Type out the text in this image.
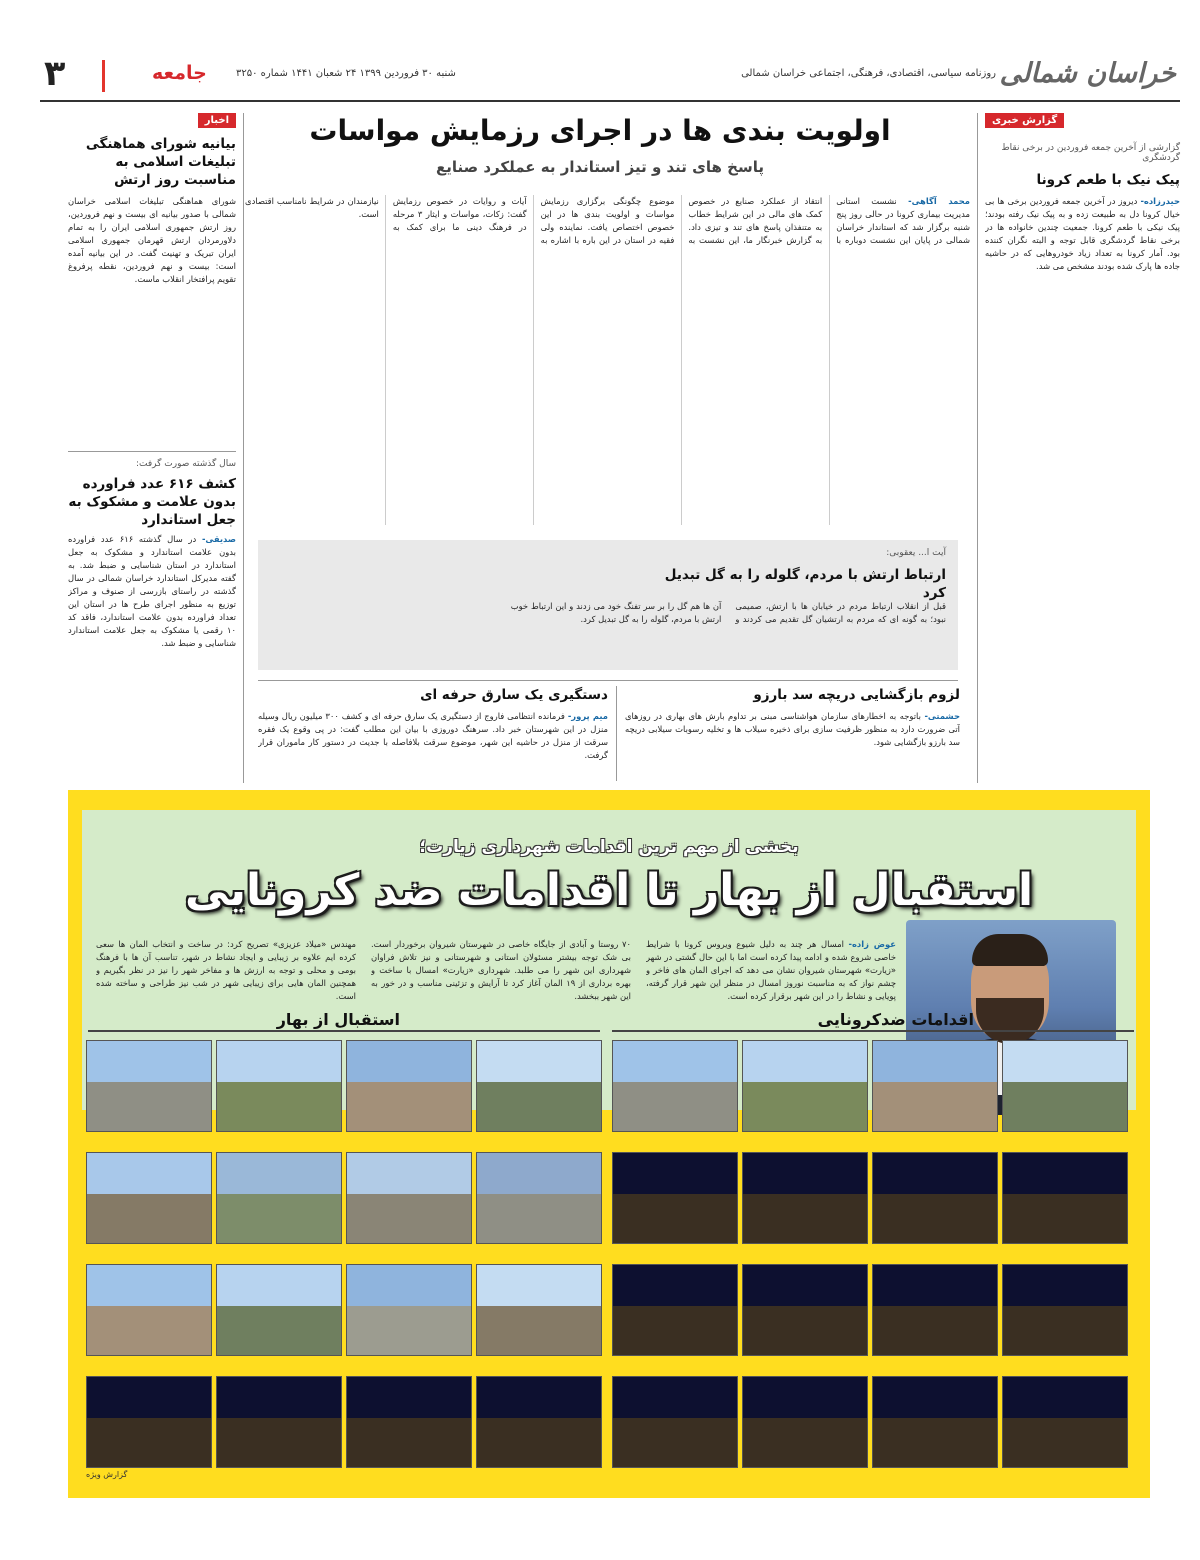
خراسان شمالی
روزنامه سیاسی، اقتصادی، فرهنگی، اجتماعی خراسان شمالی
شنبه ۳۰ فروردین ۱۳۹۹ ۲۴ شعبان ۱۴۴۱ شماره ۳۲۵۰
جامعه
۳
گزارش خبری
گزارشی از آخرین جمعه فروردین در برخی نقاط گردشگری
پیک نیک با طعم کرونا
حیدرزاده- دیروز در آخرین جمعه فروردین برخی ها بی خیال کرونا دل به طبیعت زده و به پیک نیک رفته بودند؛ پیک نیکی با طعم کرونا. جمعیت چندین خانواده ها در برخی نقاط گردشگری قابل توجه و البته نگران کننده بود. آمار کرونا به تعداد زیاد خودروهایی که در حاشیه جاده ها پارک شده بودند مشخص می شد.
اولویت بندی ها در اجرای رزمایش مواسات
پاسخ های تند و تیز استاندار به عملکرد صنایع
محمد آگاهی- نشست استانی مدیریت بیماری کرونا در حالی روز پنج شنبه برگزار شد که استاندار خراسان شمالی در پایان این نشست دوباره با انتقاد از عملکرد صنایع در خصوص کمک های مالی در این شرایط خطاب به متنفذان پاسخ های تند و تیزی داد. به گزارش خبرنگار ما، این نشست به موضوع چگونگی برگزاری رزمایش مواسات و اولویت بندی ها در این خصوص اختصاص یافت. نماینده ولی فقیه در استان در این باره با اشاره به آیات و روایات در خصوص رزمایش گفت: زکات، مواسات و ایثار ۳ مرحله در فرهنگ دینی ما برای کمک به نیازمندان در شرایط نامناسب اقتصادی است.
آیت ا... یعقوبی:
ارتباط ارتش با مردم، گلوله را به گل تبدیل کرد
قبل از انقلاب ارتباط مردم در خیابان ها با ارتش، صمیمی نبود؛ به گونه ای که مردم به ارتشیان گل تقدیم می کردند و آن ها هم گل را بر سر تفنگ خود می زدند و این ارتباط خوب ارتش با مردم، گلوله را به گل تبدیل کرد.
لزوم بازگشایی دریچه سد بارزو
حشمتی- باتوجه به اخطارهای سازمان هواشناسی مبنی بر تداوم بارش های بهاری در روزهای آتی ضرورت دارد به منظور ظرفیت سازی برای ذخیره سیلاب ها و تخلیه رسوبات سیلابی دریچه سد بارزو بازگشایی شود.
دستگیری یک سارق حرفه ای
میم پرور- فرمانده انتظامی فاروج از دستگیری یک سارق حرفه ای و کشف ۳۰۰ میلیون ریال وسیله منزل در این شهرستان خبر داد. سرهنگ دوروزی با بیان این مطلب گفت: در پی وقوع یک فقره سرقت از منزل در حاشیه این شهر، موضوع سرقت بلافاصله با جدیت در دستور کار ماموران قرار گرفت.
اخبار
بیانیه شورای هماهنگی تبلیغات اسلامی به مناسبت روز ارتش
شورای هماهنگی تبلیغات اسلامی خراسان شمالی با صدور بیانیه ای بیست و نهم فروردین، روز ارتش جمهوری اسلامی ایران را به تمام دلاورمردان ارتش قهرمان جمهوری اسلامی ایران تبریک و تهنیت گفت. در این بیانیه آمده است: بیست و نهم فروردین، نقطه پرفروغ تقویم پرافتخار انقلاب ماست.
سال گذشته صورت گرفت:
کشف ۶۱۶ عدد فراورده بدون علامت و مشکوک به جعل استاندارد
صدیقی- در سال گذشته ۶۱۶ عدد فراورده بدون علامت استاندارد و مشکوک به جعل استاندارد در استان شناسایی و ضبط شد. به گفته مدیرکل استاندارد خراسان شمالی در سال گذشته در راستای بازرسی از صنوف و مراکز توزیع به منظور اجرای طرح ها در استان این تعداد فراورده بدون علامت استاندارد، فاقد کد ۱۰ رقمی یا مشکوک به جعل علامت استاندارد شناسایی و ضبط شد.
بخشی از مهم ترین اقدامات شهرداری زیارت؛
استقبال از بهار تا اقدامات ضد کرونایی
عوض زاده- امسال هر چند به دلیل شیوع ویروس کرونا با شرایط خاصی شروع شده و ادامه پیدا کرده است اما با این حال گشتی در شهر «زیارت» شهرستان شیروان نشان می دهد که اجرای المان های فاخر و چشم نواز که به مناسبت نوروز امسال در منظر این شهر قرار گرفته، پویایی و نشاط را در این شهر برقرار کرده است.
۷۰ روستا و آبادی از جایگاه خاصی در شهرستان شیروان برخوردار است. بی شک توجه بیشتر مسئولان استانی و شهرستانی و نیز تلاش فراوان شهرداری این شهر را می طلبد. شهرداری «زیارت» امسال با ساخت و بهره برداری از ۱۹ المان آغاز کرد تا آرایش و تزئینی مناسب و در خور به این شهر ببخشد.
مهندس «میلاد عزیزی» تصریح کرد: در ساخت و انتخاب المان ها سعی کرده ایم علاوه بر زیبایی و ایجاد نشاط در شهر، تناسب آن ها با فرهنگ بومی و محلی و توجه به ارزش ها و مفاخر شهر را نیز در نظر بگیریم و همچنین المان هایی برای زیبایی شهر در شب نیز طراحی و ساخته شده است.
اقدامات ضدکرونایی
استقبال از بهار
گزارش ویژه
